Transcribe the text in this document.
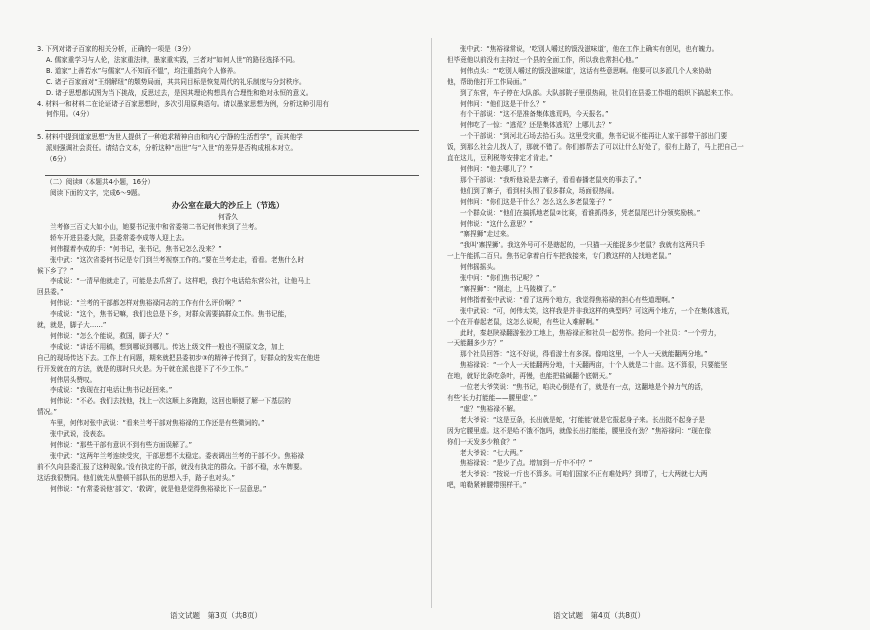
3. 下列对诸子百家的相关分析，正确的一项是（3分）
A. 儒家重学习与人伦，法家重法律，墨家重实践，三者对“如何人世”的路径选择不同。
B. 道家“上善若水”与儒家“人不知而不愠”，均注重指向个人修养。
C. 诸子百家面对“王纲解纽”的颓势局面，其共同目标是恢复周代的礼乐制度与分封秩序。
D. 诸子思想都试图为当下挑战，反思过去，是因其理论构想具有合理性和绝对永恒的意义。
4. 材料一和材料二在论证诸子百家思想时，多次引用原典语句。请以墨家思想为例，分析这种引用有
何作用。（4分）
5. 材料中提到道家思想“为世人提供了一种追求精神自由和内心宁静的生活哲学”，而其他学
派则强调社会责任。请结合文本，分析这种“出世”与“入世”的差异是否构成根本对立。
（6分）
（二）阅读Ⅱ（本题共4小题，16分）
阅读下面的文字，完成6～9题。
办公室在最大的沙丘上（节选）
何香久
兰考修三百丈大如小山，她要书记张中和省委第二书记何伟来到了兰考。
轿车开进县委大院，县委常委李成等人迎上去。
何伟握着李成的手：“何书记，张书记，焦书记怎么没来？”
张中武：“这次省委何书记是专门到兰考视察工作的。”要在兰考走走，看看。老焦什么时
候下乡了？”
李成说：“一清早他就走了，可能是去爪营了。这样吧，我打个电话给东营公社，让他马上
回县委。”
何伟说：“兰考的干部都怎样对焦裕禄同志的工作有什么评价啊？”
李成说：“这个，焦书记嘛，我们也总是下乡，对群众需要搞群众工作。焦书记能，
就，就是，脚子大……”
何伟说：“怎么个能说，救国，脚子大？”
李成说：“讲话不用稿，想到哪说到哪儿。传达上级文件一般也不照原文念，加上
自己的现场传达下去。工作上有问题，期来就把县委初步③的精神子传到了，好群众的发实在他进
行开发就在的方法，就是的那时只火是。为干就在派也提下了不少工作。”
何伟居头赞叹。
李成说：“我现在打电话让焦书记赶回来。”
何伟说：“不必。我们去找他，找上一次这顺上多跑跑，这回也顺便了解一下基层的
情况。”
车里，何伟对张中武说：“看来兰考干部对焦裕禄的工作还是有些微词的。”
张中武说，没表态。
何伟说：“那些干部有意识不到有些方面误解了。”
张中武：“这两年兰考连续受灾，干部思想不太稳定。委表调出兰考的干部不少。焦裕禄
前不久向县委汇报了这种现象。’没有执定的干部，就没有执定的群众。干部不稳，水车牌要。
这话我很赞同。他们就先从整顿干部队伍的思想入手，路子也对头。”
何伟说：“有常委说他‘部文’、‘救调’，就是他是觉得焦裕禄比下一层意思。”
张中武：“焦裕禄常说，‘吃别人嚼过的馍没滋味道’，他在工作上确实有创见，也有魄力。
但毕竟他以前没有主持过一个县的全面工作，所以我也常担心他。”
何伟点头：“‘吃别人嚼过的馍没滋味道’，这话有些意思啊。他要可以多派几个人来协助
他，帮助他打开工作局面。”
到了东营，车子停在大队部。大队部院子里很热闹，社员们在县委工作组的组织下搞起来工作。
何伟问：“他们这是干什么？”
有个干部说：“这不是准备集体逃荒吗，今天报名。”
何伟吃了一惊：“逃荒？还是集体逃荒？上哪儿去？”
一个干部说：“到河北石场去拾石头。这里受灾重，焦书记说不能再让人家干部带干部出门要
饭，到那么社会儿找人了，那就不错了。你们都帮去了可以让什么好处了，很有上路了，马上把自己一
直在这儿，豆利税等安排定才肯走。”
何伟问：“他去哪儿了？”
那个干部说：“我听他说是去寨子，看看春播老鼠夹的事去了。”
他们到了寨子，看到村头围了很多群众，场面很热闹。
何伟问：“你们这是干什么？怎么这么多老鼠笼子？”
一个群众说：“他们在搞抓地老鼠②比赛，看谁抓得多，凭老鼠尾巴计分领奖励核。”
何伟说：“这什么意思？”
“寨捏狮”走过来。
“我叫‘寨捏狮’。我这外号可不是瞎起的，一只猫一天能捉多少老鼠？我就有这两只手
一上午能抓二百只。焦书记拿着自行车把我接来，专门教这样的人找地老鼠。”
何伟摇摇头。
张中问：“你们焦书记呢？”
“寨捏狮”：“刚走，上马陵横了。”
何伟指着张中武说：“看了这两个地方，我觉得焦裕禄的担心有些道理啊。”
张中武说：“可，何伟太笑，这样我是并非我这样的典型吗？可这两个地方，一个在集体逃荒，
一个在开春起老鼠，这怎么说呢，有些让人难解啊。”
此时，秦赵陕禄翻游张沙工地上，焦裕禄正和社员一起劳作。抢问一个社员：“一个劳力，
一天能翻多少方？”
那个社员回答：“这不好说，得看游土有多深。像咱这里，一个人一天就能翻两分地。”
焦裕禄说：“一个人一天能翻两分地，十天翻两亩，十个人就是二十亩。这不算很，只要能坚
在地，就好比条吃条叶，再慢，也能把盐碱翻个底朝天。”
一位老大爷笑说：“焦书记，咱决心倒是有了，就是有一点，这翻地是个掉力气的活，
有些‘长力打能能——腰里虚’。”
“虚？”焦裕禄不解。
老大爷说：“这是豆条，长出就是蛇，‘打能能’就是它报起身子来。长出挺不起身子是
因为它腰里虚。这不是哈不饿不饱吗，就像长出打能能，腰里没有劲？”焦裕禄问：“现在像
你们一天发多少粮食？”
老大爷说：“七大两。”
焦裕禄说：“是少了点。增加到一斤中不中？”
老大爷说：“按说一斤也不算多。可咱们国家不正有难处吗？到增了，七大两就七大两
吧，咱勒紧裤腰带照样干。”
语文试题　第3页（共8页）	语文试题　第4页（共8页）
